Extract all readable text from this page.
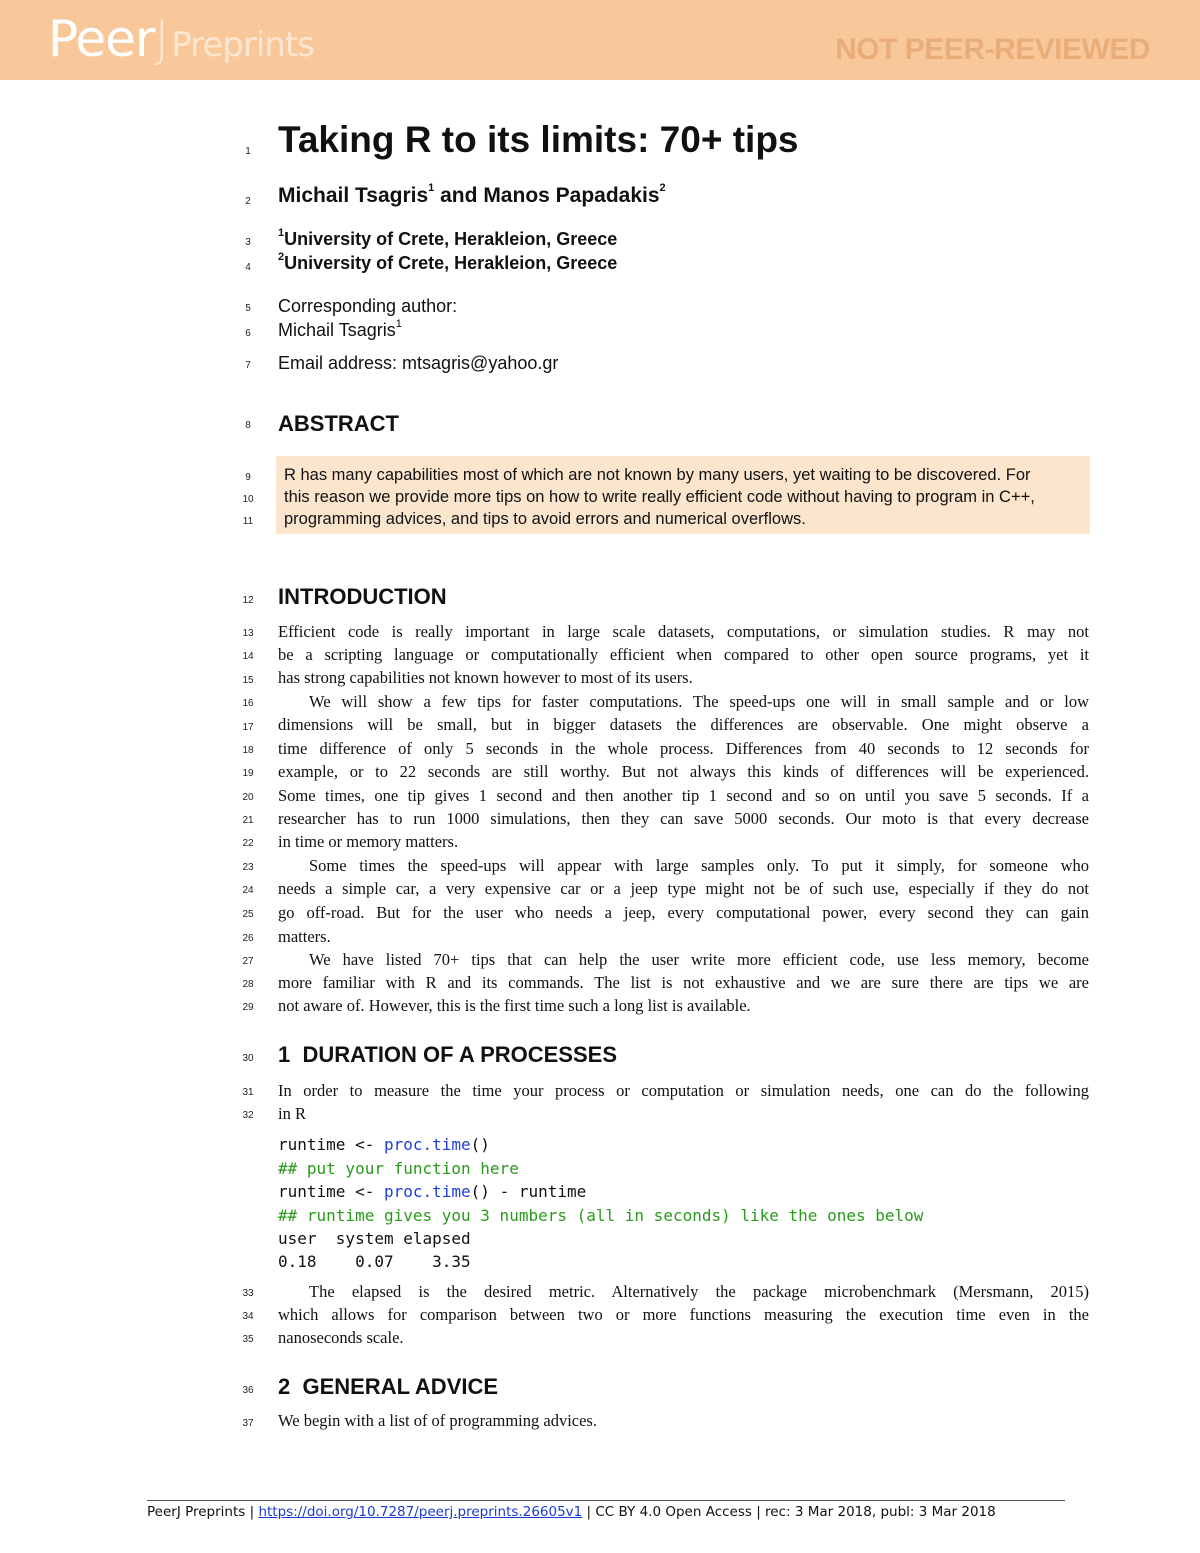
Peer J Preprints	NOT PEER-REVIEWED
1
2
3
4
5
6
7
8
9
10
11
12
13
14
15
16
17
18
19
20
21
22
23
24
25
26
27
28
29
30
31
32
33
34
35
36
37
Taking R to its limits: 70+ tips
Michail Tsagris$^1$ and Manos Papadakis$^2$
$^1$University of Crete, Herakleion, Greece
$^2$University of Crete, Herakleion, Greece
Corresponding author:
Michail Tsagris$^1$
Email address: mtsagris@yahoo.gr
ABSTRACT
R has many capabilities most of which are not known by many users, yet waiting to be discovered. For
this reason we provide more tips on how to write really efficient code without having to program in C++,
programming advices, and tips to avoid errors and numerical overflows.
INTRODUCTION
Efficient code is really important in large scale datasets, computations, or simulation studies. R may not
be a scripting language or computationally efficient when compared to other open source programs, yet it
has strong capabilities not known however to most of its users.
We will show a few tips for faster computations. The speed-ups one will in small sample and or low
dimensions will be small, but in bigger datasets the differences are observable. One might observe a
time difference of only 5 seconds in the whole process. Differences from 40 seconds to 12 seconds for
example, or to 22 seconds are still worthy. But not always this kinds of differences will be experienced.
Some times, one tip gives 1 second and then another tip 1 second and so on until you save 5 seconds. If a
researcher has to run 1000 simulations, then they can save 5000 seconds. Our moto is that every decrease
in time or memory matters.
Some times the speed-ups will appear with large samples only. To put it simply, for someone who
needs a simple car, a very expensive car or a jeep type might not be of such use, especially if they do not
go off-road. But for the user who needs a jeep, every computational power, every second they can gain
matters.
We have listed 70+ tips that can help the user write more efficient code, use less memory, become
more familiar with R and its commands. The list is not exhaustive and we are sure there are tips we are
not aware of. However, this is the first time such a long list is available.
1  DURATION OF A PROCESSES
In order to measure the time your process or computation or simulation needs, one can do the following
in R
runtime <- proc.time()
## put your function here
runtime <- proc.time() - runtime
## runtime gives you 3 numbers (all in seconds) like the ones below
user  system elapsed
0.18    0.07    3.35
The elapsed is the desired metric. Alternatively the package microbenchmark (Mersmann, 2015)
which allows for comparison between two or more functions measuring the execution time even in the
nanoseconds scale.
2  GENERAL ADVICE
We begin with a list of of programming advices.
PeerJ Preprints | https://doi.org/10.7287/peerj.preprints.26605v1 | CC BY 4.0 Open Access | rec: 3 Mar 2018, publ: 3 Mar 2018
